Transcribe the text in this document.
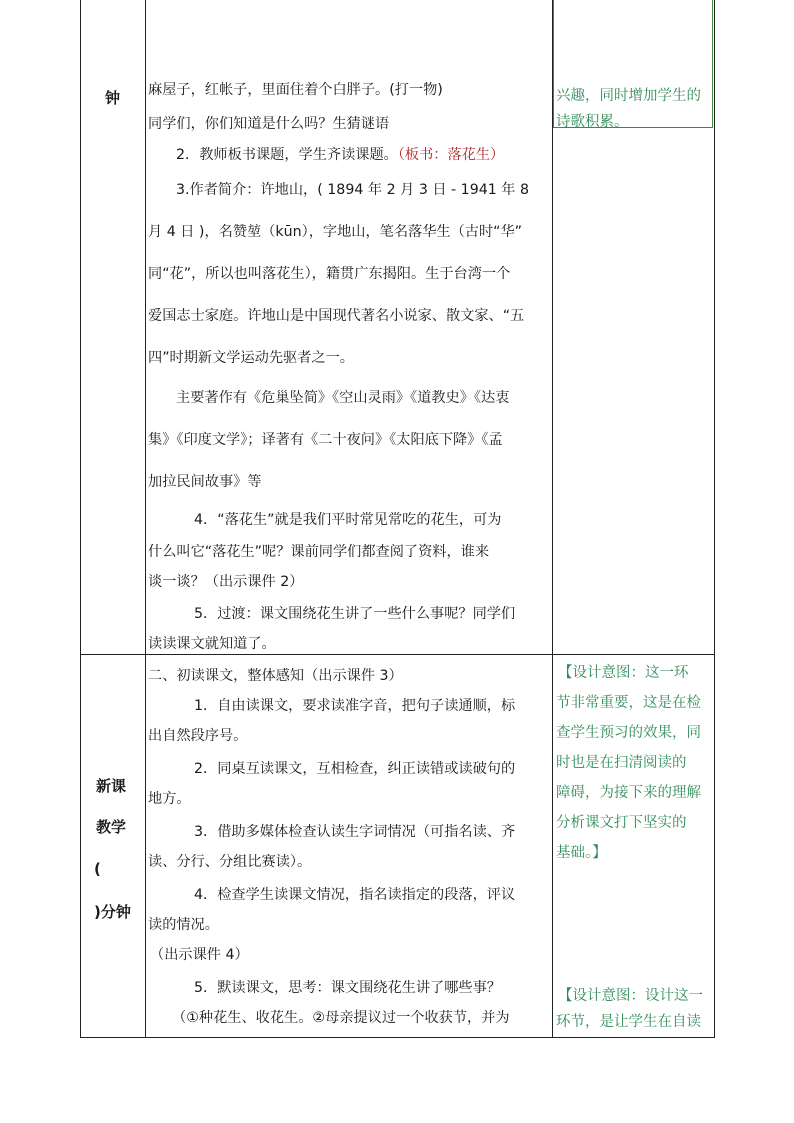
钟 麻屋子，红帐子，里面住着个白胖子。(打一物)
同学们，你们知道是什么吗？生猜谜语
2．教师板书课题，学生齐读课题。（板书：落花生）
3.作者简介：许地山，( 1894 年 2 月 3 日 - 1941 年 8
月 4 日 )，名赞堃（kūn），字地山，笔名落华生（古时“华”
同“花”，所以也叫落花生），籍贯广东揭阳。生于台湾一个
爱国志士家庭。许地山是中国现代著名小说家、散文家、“五
四”时期新文学运动先驱者之一。
主要著作有《危巢坠简》《空山灵雨》《道教史》《达衷
集》《印度文学》；译著有《二十夜问》《太阳底下降》《孟
加拉民间故事》等
4．“落花生”就是我们平时常见常吃的花生，可为
什么叫它“落花生”呢？课前同学们都查阅了资料，谁来
谈一谈？（出示课件 2）
5．过渡：课文围绕花生讲了一些什么事呢？同学们
读读课文就知道了。
兴趣，同时增加学生的
诗歌积累。
新课
教学
(
)分钟
二、初读课文，整体感知（出示课件 3）
1．自由读课文，要求读准字音，把句子读通顺，标
出自然段序号。
2．同桌互读课文，互相检查，纠正读错或读破句的
地方。
3．借助多媒体检查认读生字词情况（可指名读、齐
读、分行、分组比赛读）。
4．检查学生读课文情况，指名读指定的段落，评议
读的情况。
（出示课件 4）
5．默读课文，思考：课文围绕花生讲了哪些事？
（①种花生、收花生。②母亲提议过一个收获节，并为
【设计意图：这一环
节非常重要，这是在检
查学生预习的效果，同
时也是在扫清阅读的
障碍，为接下来的理解
分析课文打下坚实的
基础。】
【设计意图：设计这一
环节，是让学生在自读
